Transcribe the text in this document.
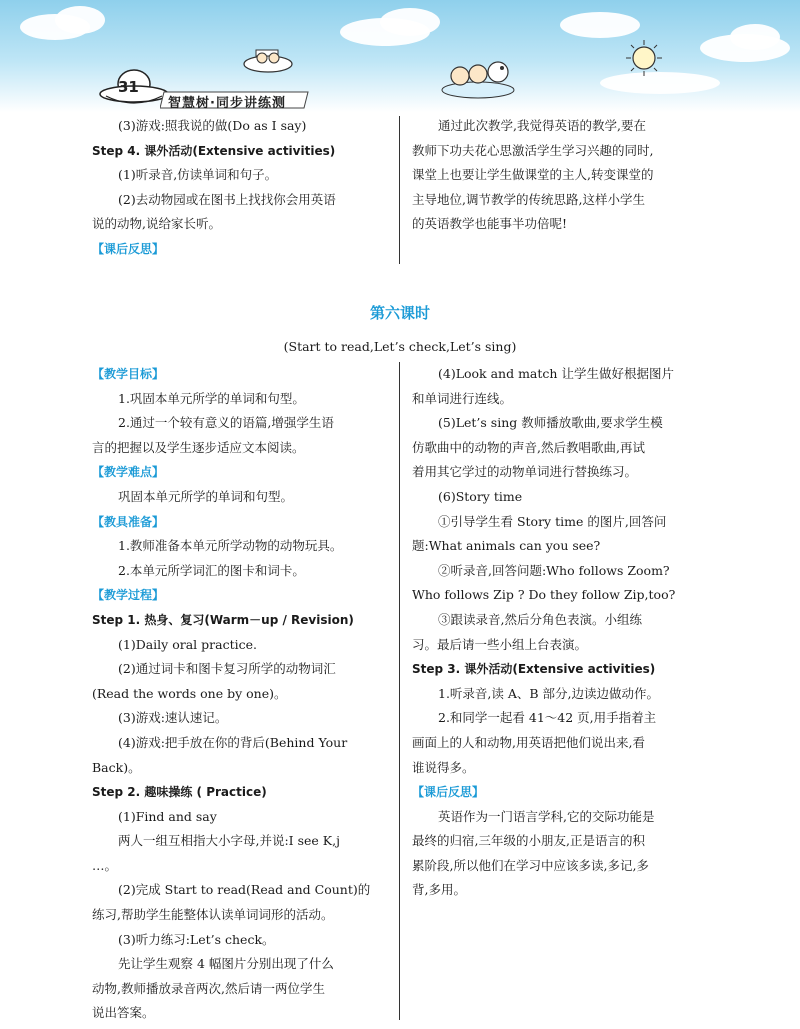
31
智慧树·同步讲练测

(3)游戏:照我说的做(Do as I say)

Step 4. 课外活动(Extensive activities)

(1)听录音,仿读单词和句子。

(2)去动物园或在图书上找找你会用英语

说的动物,说给家长听。

【课后反思】

通过此次教学,我觉得英语的教学,要在

教师下功夫花心思激活学生学习兴趣的同时,

课堂上也要让学生做课堂的主人,转变课堂的

主导地位,调节教学的传统思路,这样小学生

的英语教学也能事半功倍呢!

第六课时
(Start to read,Let’s check,Let’s sing)

【教学目标】

1.巩固本单元所学的单词和句型。

2.通过一个较有意义的语篇,增强学生语

言的把握以及学生逐步适应文本阅读。

【教学难点】

巩固本单元所学的单词和句型。

【教具准备】

1.教师准备本单元所学动物的动物玩具。

2.本单元所学词汇的图卡和词卡。

【教学过程】

Step 1. 热身、复习(Warm－up / Revision)

(1)Daily oral practice.

(2)通过词卡和图卡复习所学的动物词汇

(Read the words one by one)。

(3)游戏:速认速记。

(4)游戏:把手放在你的背后(Behind Your

Back)。

Step 2. 趣味操练 ( Practice)

(1)Find and say

两人一组互相指大小字母,并说:I see K,j

…。

(2)完成 Start to read(Read and Count)的

练习,帮助学生能整体认读单词词形的活动。

(3)听力练习:Let’s check。

先让学生观察 4 幅图片分别出现了什么

动物,教师播放录音两次,然后请一两位学生

说出答案。

(4)Look and match 让学生做好根据图片

和单词进行连线。

(5)Let’s sing 教师播放歌曲,要求学生模

仿歌曲中的动物的声音,然后教唱歌曲,再试

着用其它学过的动物单词进行替换练习。

(6)Story time

①引导学生看 Story time 的图片,回答问

题:What animals can you see?

②听录音,回答问题:Who follows Zoom?

Who follows Zip ? Do they follow Zip,too?

③跟读录音,然后分角色表演。小组练

习。最后请一些小组上台表演。

Step 3. 课外活动(Extensive activities)

1.听录音,读 A、B 部分,边读边做动作。

2.和同学一起看 41～42 页,用手指着主

画面上的人和动物,用英语把他们说出来,看

谁说得多。

【课后反思】

英语作为一门语言学科,它的交际功能是

最终的归宿,三年级的小朋友,正是语言的积

累阶段,所以他们在学习中应该多读,多记,多

背,多用。
